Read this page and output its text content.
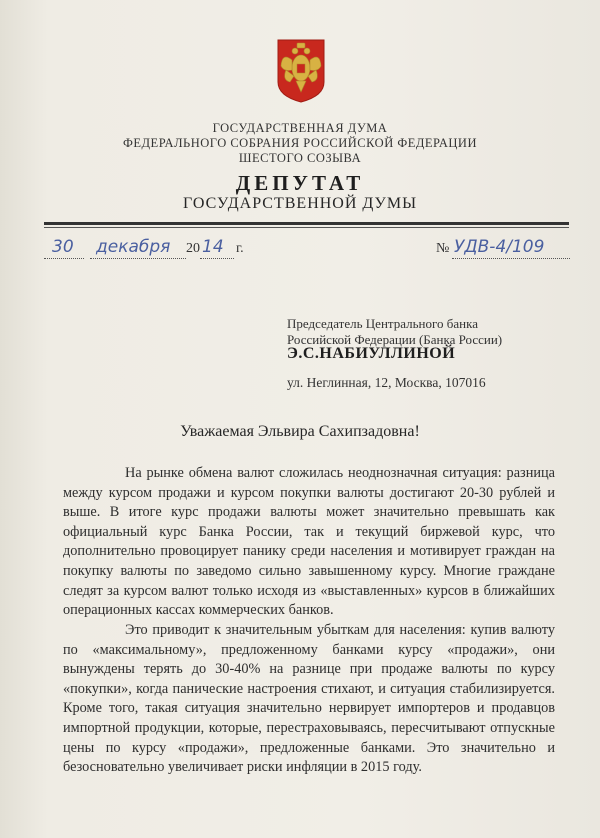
ГОСУДАРСТВЕННАЯ ДУМА
ФЕДЕРАЛЬНОГО СОБРАНИЯ РОССИЙСКОЙ ФЕДЕРАЦИИ
ШЕСТОГО СОЗЫВА
ДЕПУТАТ
ГОСУДАРСТВЕННОЙ ДУМЫ
30 декабря 20 14 г.	№ УДВ-4/109
Председатель Центрального банка
Российской Федерации (Банка России)
Э.С.НАБИУЛЛИНОЙ
ул. Неглинная, 12, Москва, 107016
Уважаемая Эльвира Сахипзадовна!

На рынке обмена валют сложилась неоднозначная ситуация: разница между курсом продажи и курсом покупки валюты достигают 20-30 рублей и выше. В итоге курс продажи валюты может значительно превышать как официальный курс Банка России, так и текущий биржевой курс, что дополнительно провоцирует панику среди населения и мотивирует граждан на покупку валюты по заведомо сильно завышенному курсу. Многие граждане следят за курсом валют только исходя из «выставленных» курсов в ближайших операционных кассах коммерческих банков.

Это приводит к значительным убыткам для населения: купив валюту по «максимальному», предложенному банками курсу «продажи», они вынуждены терять до 30-40% на разнице при продаже валюты по курсу «покупки», когда панические настроения стихают, и ситуация стабилизируется. Кроме того, такая ситуация значительно нервирует импортеров и продавцов импортной продукции, которые, перестраховываясь, пересчитывают отпускные цены по курсу «продажи», предложенные банками. Это значительно и безосновательно увеличивает риски инфляции в 2015 году.
